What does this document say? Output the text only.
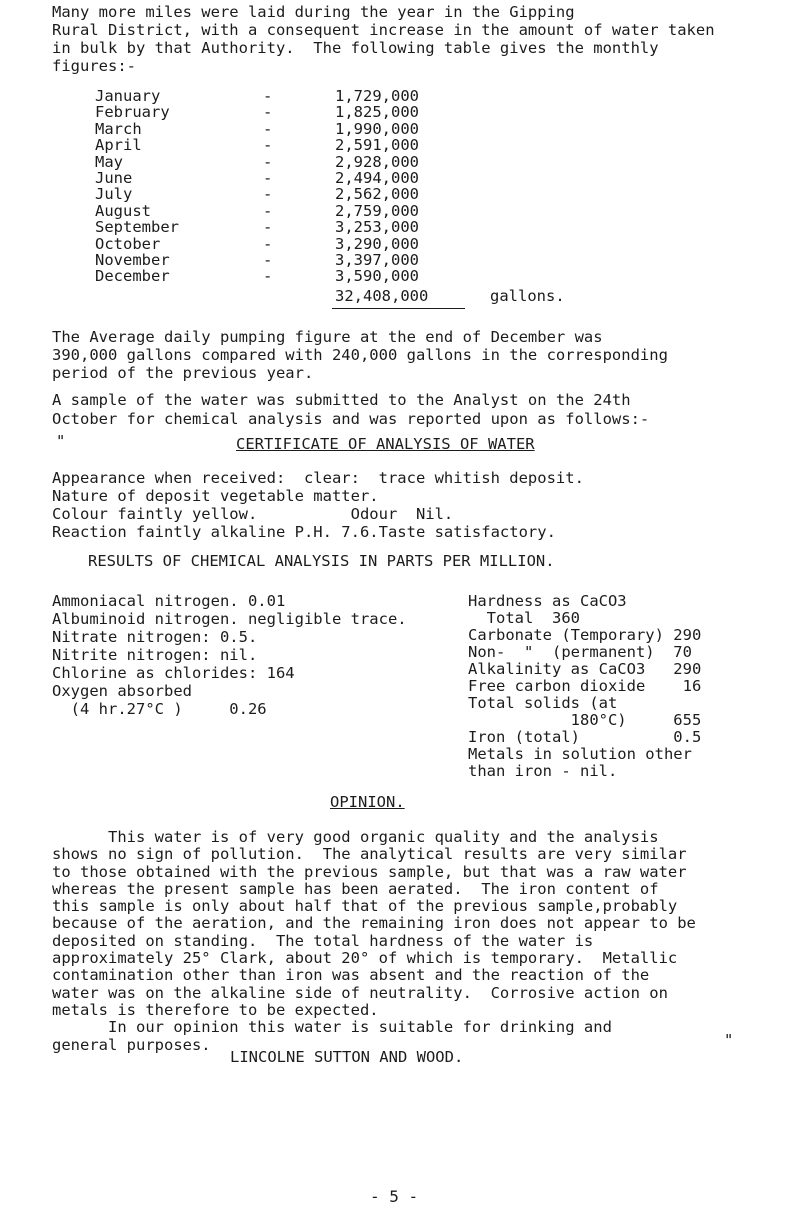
Many more miles were laid during the year in the Gipping
Rural District, with a consequent increase in the amount of water taken
in bulk by that Authority.  The following table gives the monthly
figures:-
January	-	1,729,000
February	-	1,825,000
March	-	1,990,000
April	-	2,591,000
May	-	2,928,000
June	-	2,494,000
July	-	2,562,000
August	-	2,759,000
September	-	3,253,000
October	-	3,290,000
November	-	3,397,000
December	-	3,590,000
32,408,000	gallons.
The Average daily pumping figure at the end of December was
390,000 gallons compared with 240,000 gallons in the corresponding
period of the previous year.
A sample of the water was submitted to the Analyst on the 24th
October for chemical analysis and was reported upon as follows:-
"	CERTIFICATE OF ANALYSIS OF WATER
Appearance when received:  clear:  trace whitish deposit.
Nature of deposit vegetable matter.
Colour faintly yellow.          Odour  Nil.
Reaction faintly alkaline P.H. 7.6.Taste satisfactory.
RESULTS OF CHEMICAL ANALYSIS IN PARTS PER MILLION.
Ammoniacal nitrogen. 0.01
Albuminoid nitrogen. negligible trace.
Nitrate nitrogen: 0.5.
Nitrite nitrogen: nil.
Chlorine as chlorides: 164
Oxygen absorbed
(4 hr.27°C )     0.26
Hardness as CaCO3
Total  360
Carbonate (Temporary) 290
Non-  "  (permanent)  70
Alkalinity as CaCO3   290
Free carbon dioxide    16
Total solids (at
180°C)     655
Iron (total)          0.5
Metals in solution other
than iron - nil.
OPINION.
This water is of very good organic quality and the analysis
shows no sign of pollution.  The analytical results are very similar
to those obtained with the previous sample, but that was a raw water
whereas the present sample has been aerated.  The iron content of
this sample is only about half that of the previous sample,probably
because of the aeration, and the remaining iron does not appear to be
deposited on standing.  The total hardness of the water is
approximately 25° Clark, about 20° of which is temporary.  Metallic
contamination other than iron was absent and the reaction of the
water was on the alkaline side of neutrality.  Corrosive action on
metals is therefore to be expected.
In our opinion this water is suitable for drinking and
general purposes.	"
LINCOLNE SUTTON AND WOOD.
- 5 -
